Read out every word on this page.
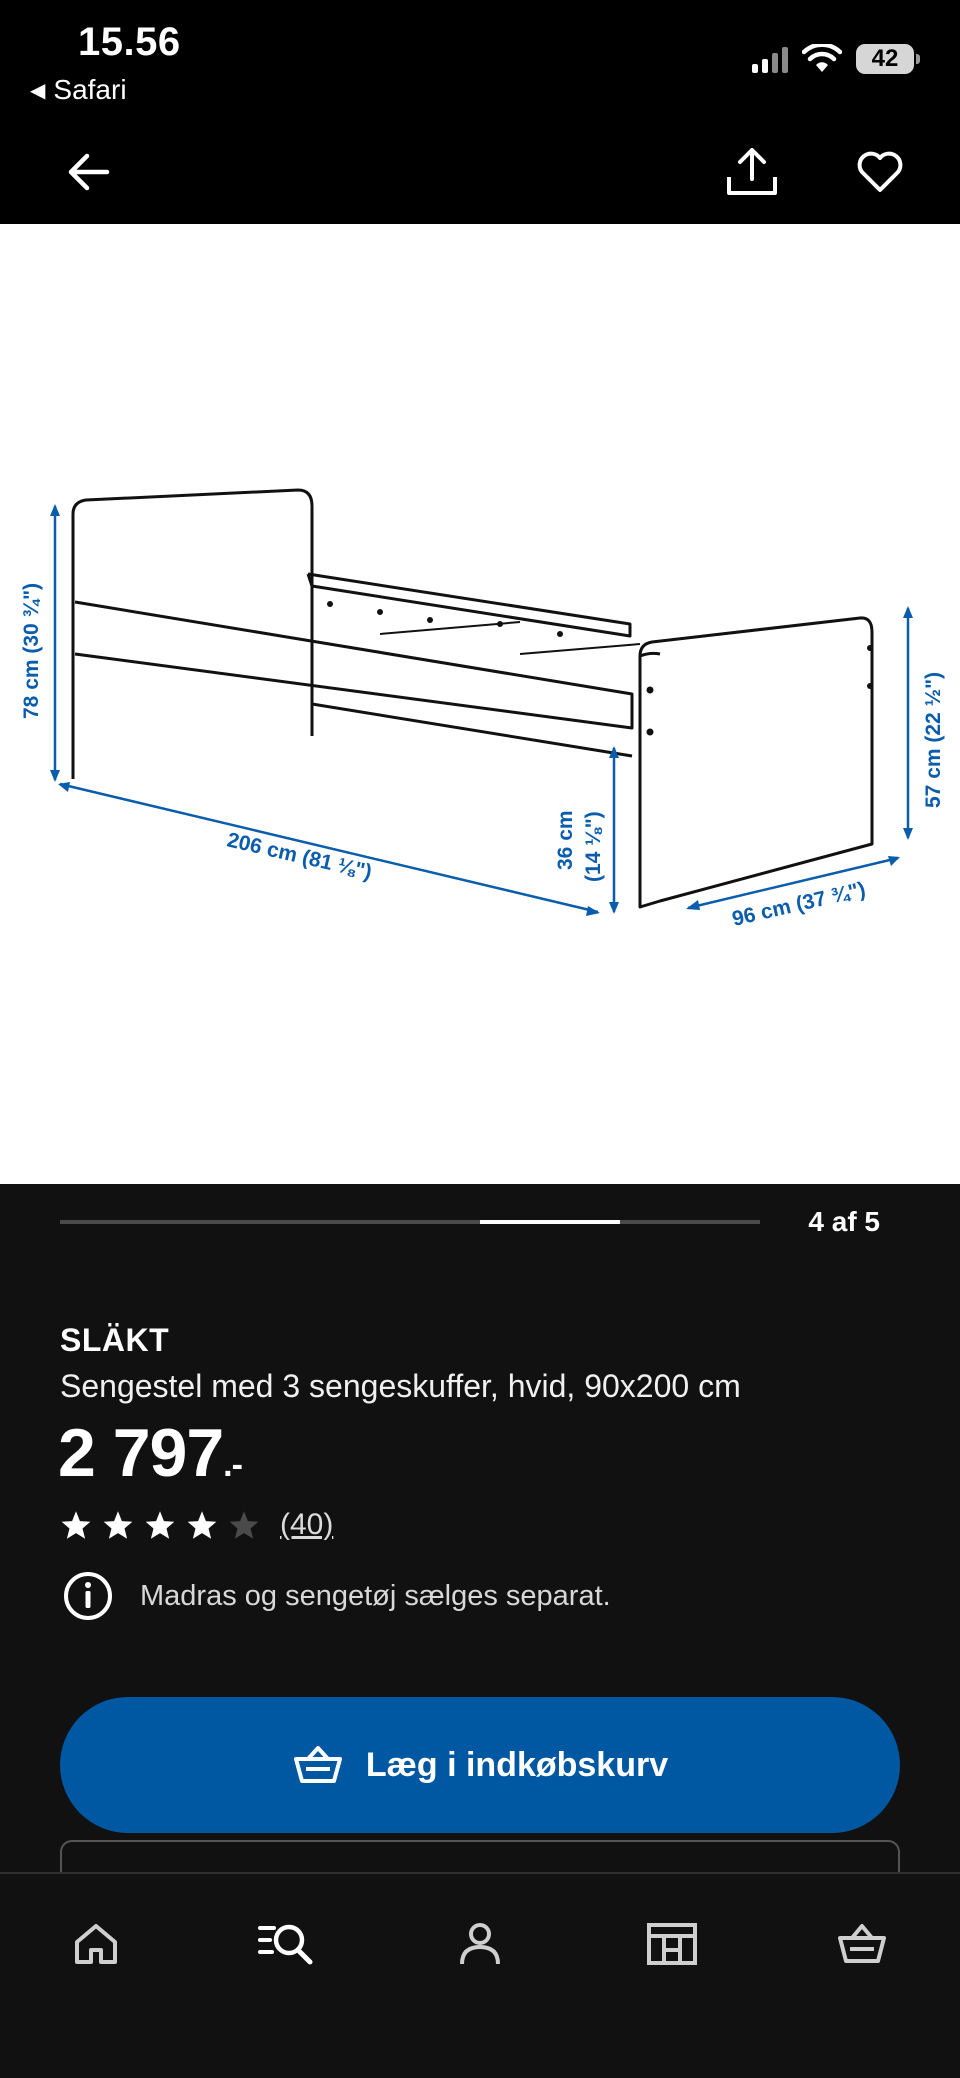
15.56
◀ Safari
42
78 cm (30 ¾")
206 cm (81 ⅛")	36 cm (14 ⅛")
57 cm (22 ½")
96 cm (37 ¾")
4 af 5
SLÄKT
Sengestel med 3 sengeskuffer, hvid, 90x200 cm
2 797.-
(40)
Madras og sengetøj sælges separat.
Læg i indkøbskurv
